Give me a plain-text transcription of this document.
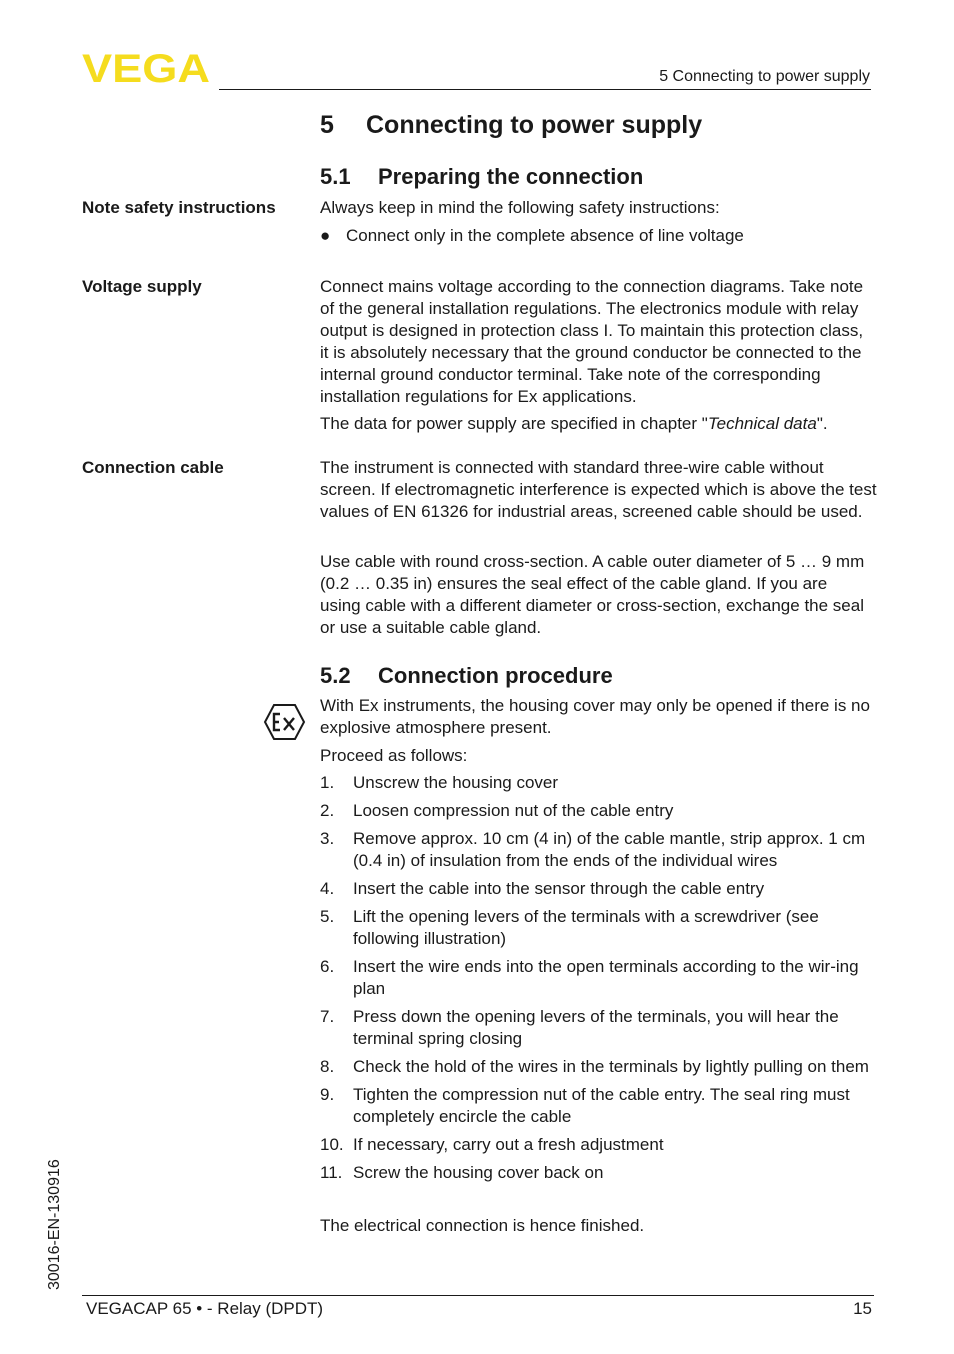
VEGA	5 Connecting to power supply
5 Connecting to power supply
5.1 Preparing the connection
Note safety instructions	Always keep in mind the following safety instructions:

● Connect only in the complete absence of line voltage
Voltage supply	Connect mains voltage according to the connection diagrams. Take note of the general installation regulations. The electronics module with relay output is designed in protection class I. To maintain this protection class, it is absolutely necessary that the ground conductor be connected to the internal ground conductor terminal. Take note of the corresponding installation regulations for Ex applications.

The data for power supply are specified in chapter "Technical data".

Connection cable	The instrument is connected with standard three-wire cable without screen. If electromagnetic interference is expected which is above the test values of EN 61326 for industrial areas, screened cable should be used.

Use cable with round cross-section. A cable outer diameter of 5 … 9 mm (0.2 … 0.35 in) ensures the seal effect of the cable gland. If you are using cable with a different diameter or cross-section, exchange the seal or use a suitable cable gland.

5.2 Connection procedure

With Ex instruments, the housing cover may only be opened if there is no explosive atmosphere present.

Proceed as follows:

1.	Unscrew the housing cover
2.	Loosen compression nut of the cable entry
3.	Remove approx. 10 cm (4 in) of the cable mantle, strip approx. 1 cm (0.4 in) of insulation from the ends of the individual wires
4.	Insert the cable into the sensor through the cable entry
5.	Lift the opening levers of the terminals with a screwdriver (see following illustration)
6.	Insert the wire ends into the open terminals according to the wir-ing plan
7.	Press down the opening levers of the terminals, you will hear the terminal spring closing
8.	Check the hold of the wires in the terminals by lightly pulling on them
9.	Tighten the compression nut of the cable entry. The seal ring must completely encircle the cable
10. If necessary, carry out a fresh adjustment
11. Screw the housing cover back on

The electrical connection is hence finished.

30016-EN-130916
VEGACAP 65 • - Relay (DPDT)	15
